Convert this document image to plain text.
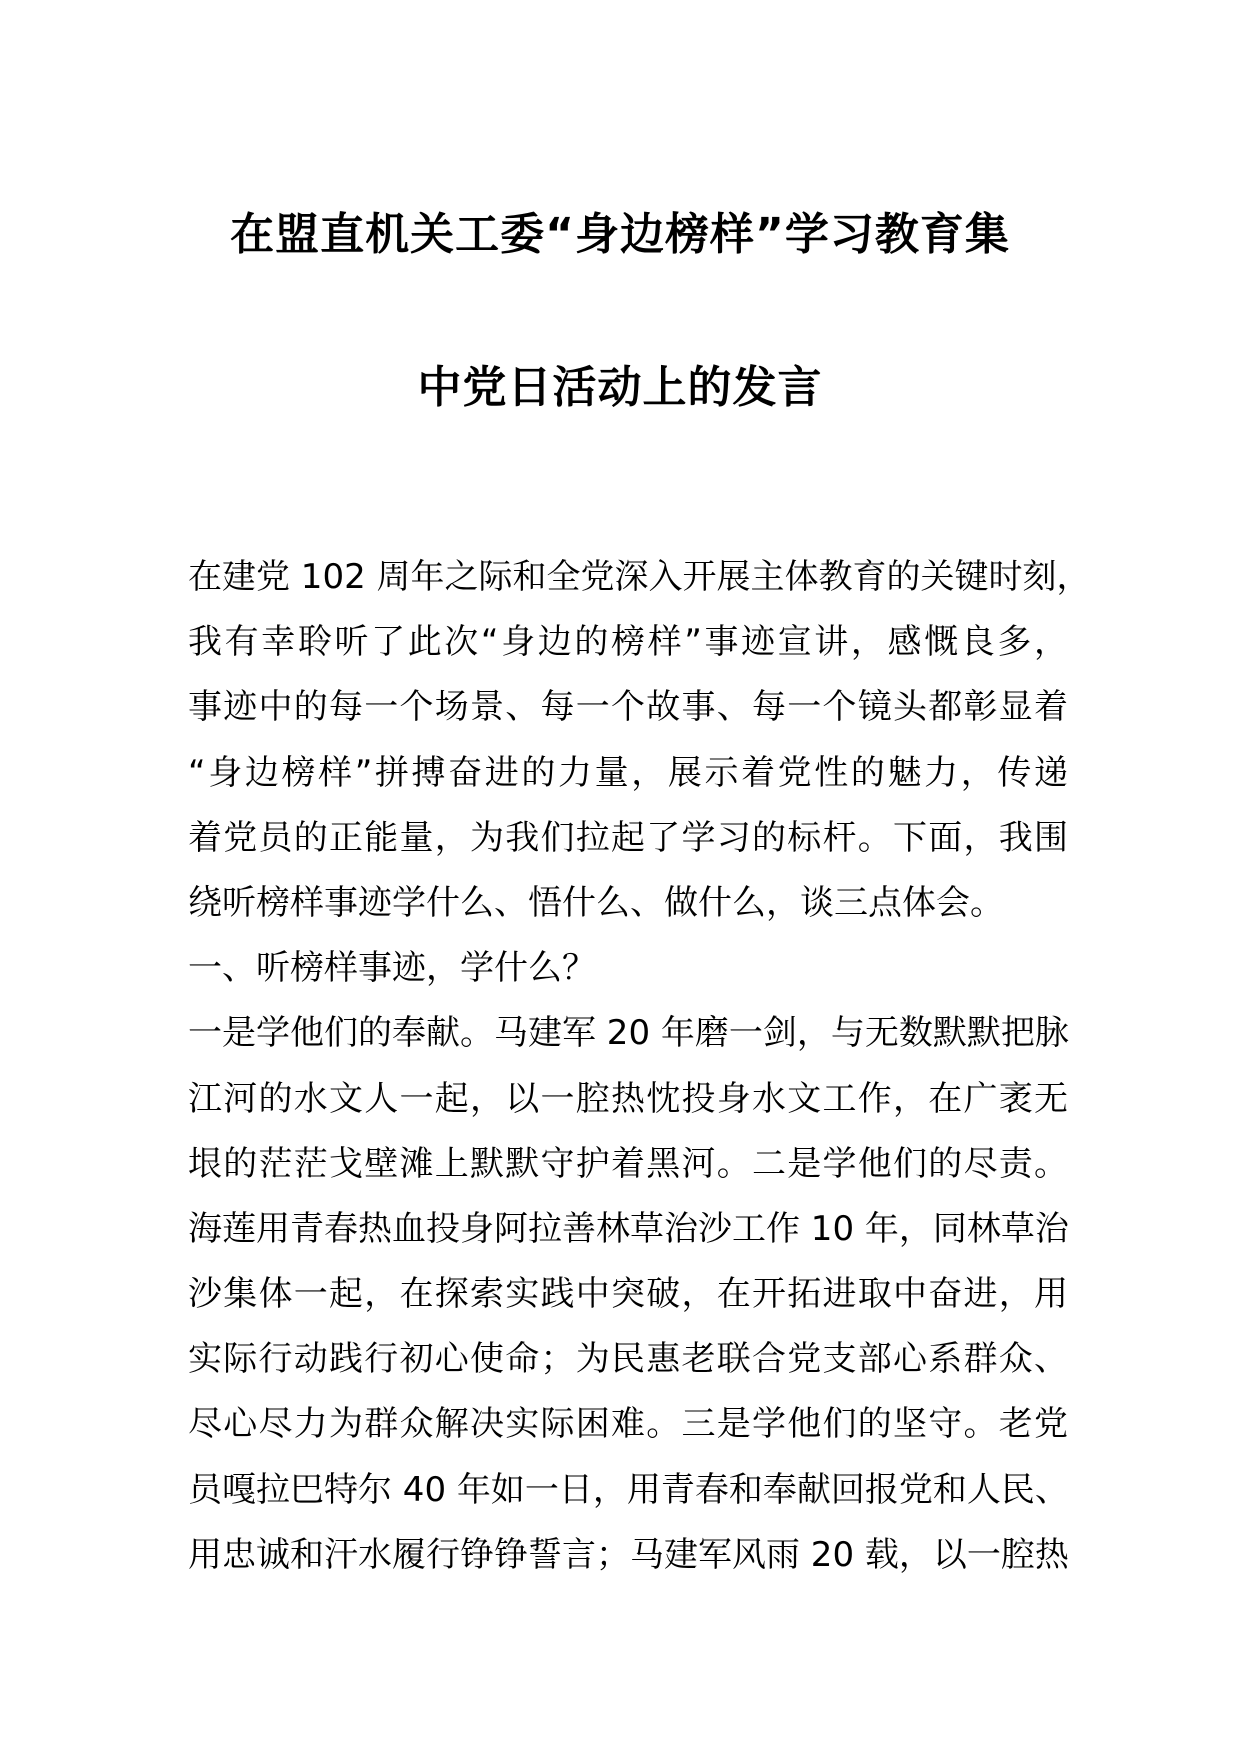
在盟直机关工委“身边榜样”学习教育集
中党日活动上的发言
在建党 102 周年之际和全党深入开展主体教育的关键时刻，
我有幸聆听了此次“身边的榜样”事迹宣讲，感慨良多，
事迹中的每一个场景、每一个故事、每一个镜头都彰显着
“身边榜样”拼搏奋进的力量，展示着党性的魅力，传递
着党员的正能量，为我们拉起了学习的标杆。下面，我围
绕听榜样事迹学什么、悟什么、做什么，谈三点体会。
一、听榜样事迹，学什么？
一是学他们的奉献。马建军 20 年磨一剑，与无数默默把脉
江河的水文人一起，以一腔热忱投身水文工作，在广袤无
垠的茫茫戈壁滩上默默守护着黑河。二是学他们的尽责。
海莲用青春热血投身阿拉善林草治沙工作 10 年，同林草治
沙集体一起，在探索实践中突破，在开拓进取中奋进，用
实际行动践行初心使命；为民惠老联合党支部心系群众、
尽心尽力为群众解决实际困难。三是学他们的坚守。老党
员嘎拉巴特尔 40 年如一日，用青春和奉献回报党和人民、
用忠诚和汗水履行铮铮誓言；马建军风雨 20 载，以一腔热
